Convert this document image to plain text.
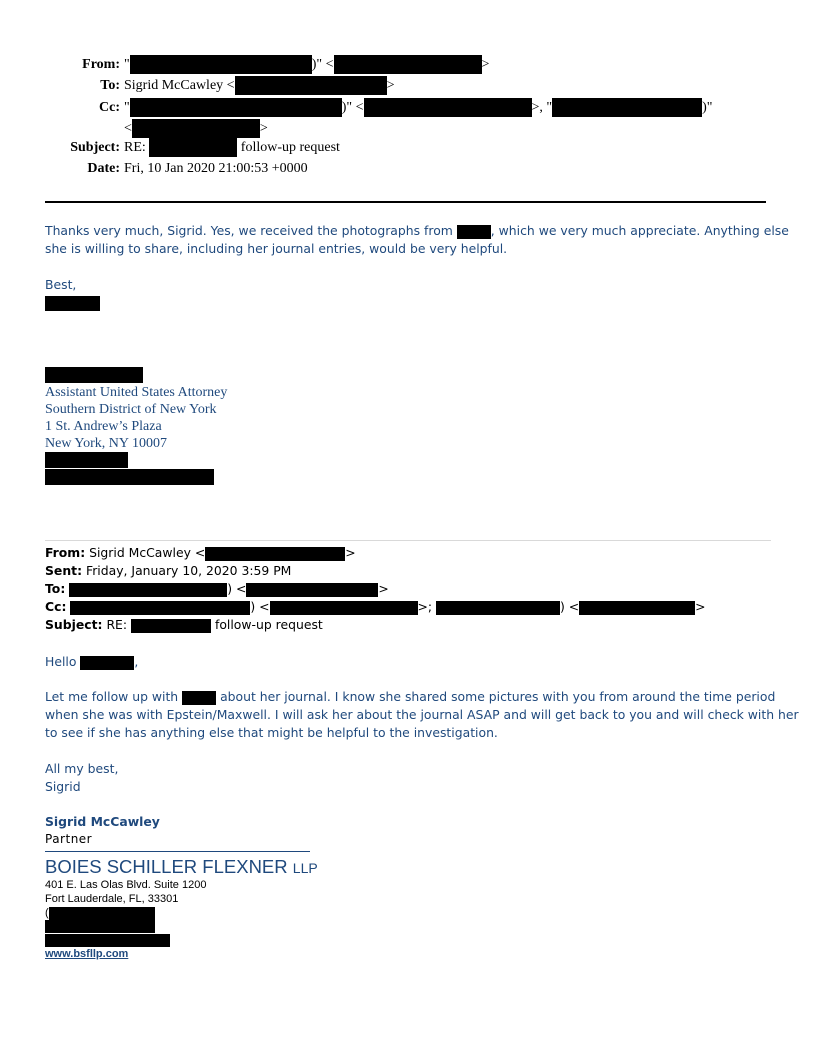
From: "	)" <	>
To: Sigrid McCawley <	>
Cc: "	)" <	>, "	)"
<	>
Subject: RE:	follow-up request
Date: Fri, 10 Jan 2020 21:00:53 +0000
Thanks very much, Sigrid. Yes, we received the photographs from	, which we very much appreciate. Anything else
she is willing to share, including her journal entries, would be very helpful.
Best,
Assistant United States Attorney
Southern District of New York
1 St. Andrew’s Plaza
New York, NY 10007
From: Sigrid McCawley <	>
Sent: Friday, January 10, 2020 3:59 PM
To:	) <	>
Cc:	) <	>;	) <	>
Subject: RE:	follow-up request
Hello	,
Let me follow up with	about her journal. I know she shared some pictures with you from around the time period
when she was with Epstein/Maxwell. I will ask her about the journal ASAP and will get back to you and will check with her
to see if she has anything else that might be helpful to the investigation.
All my best,
Sigrid
Sigrid McCawley
Partner
BOIES SCHILLER FLEXNER LLP
401 E. Las Olas Blvd. Suite 1200
Fort Lauderdale, FL, 33301
(
www.bsfllp.com
